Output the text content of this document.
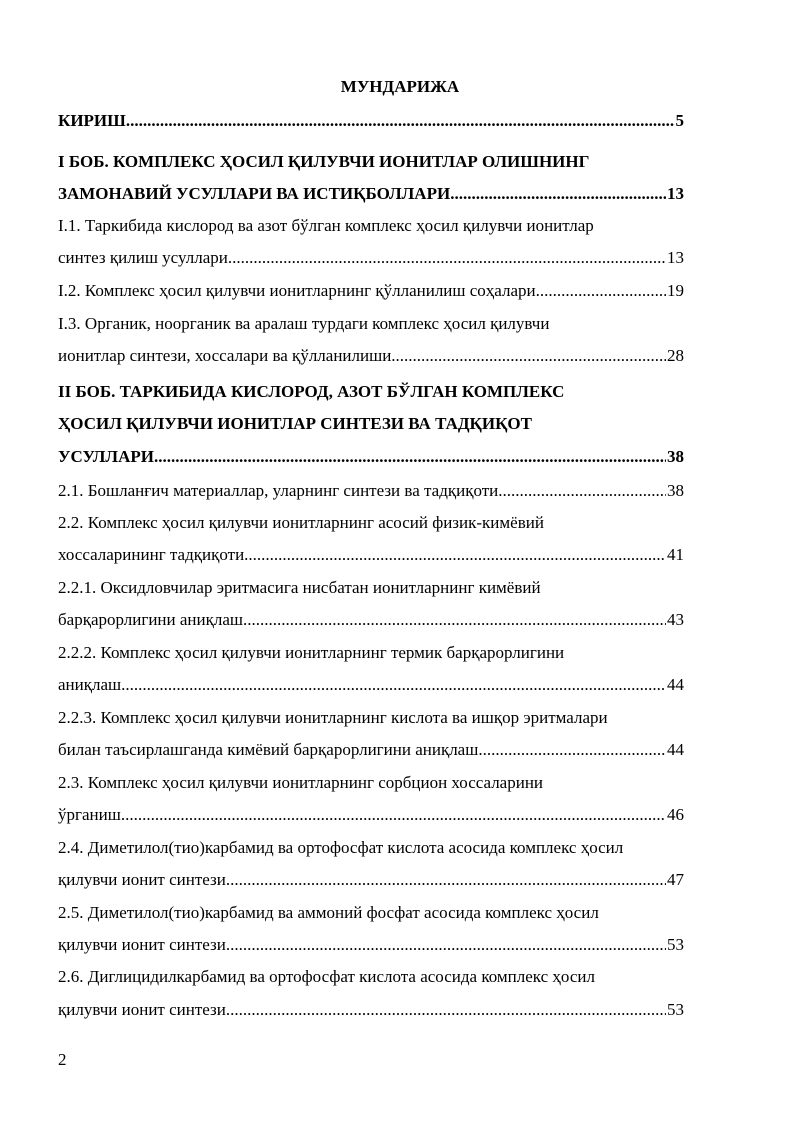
МУНДАРИЖА
КИРИШ .....	5
I БОБ. КОМПЛЕКС ҲОСИЛ ҚИЛУВЧИ ИОНИТЛАР ОЛИШНИНГ
ЗАМОНАВИЙ УСУЛЛАРИ ВА ИСТИҚБОЛЛАРИ .....	13
I.1. Таркибида кислород ва азот бўлган комплекс ҳосил қилувчи ионитлар
синтез қилиш усуллари .....	13
I.2. Комплекс ҳосил қилувчи ионитларнинг қўлланилиш соҳалари .....	19
I.3. Органик, ноорганик ва аралаш турдаги комплекс ҳосил қилувчи
ионитлар синтези, хоссалари ва қўлланилиши .....	28
II БОБ. ТАРКИБИДА КИСЛОРОД, АЗОТ БЎЛГАН КОМПЛЕКС
ҲОСИЛ ҚИЛУВЧИ ИОНИТЛАР СИНТЕЗИ ВА ТАДҚИҚОТ
УСУЛЛАРИ .....	38
2.1. Бошланғич материаллар, уларнинг синтези ва тадқиқоти .....	38
2.2. Комплекс ҳосил қилувчи ионитларнинг асосий физик-кимёвий
хоссаларининг тадқиқоти .....	41
2.2.1. Оксидловчилар эритмасига нисбатан ионитларнинг кимёвий
барқарорлигини аниқлаш .....	43
2.2.2. Комплекс ҳосил қилувчи ионитларнинг термик барқарорлигини
аниқлаш .....	44
2.2.3. Комплекс ҳосил қилувчи ионитларнинг кислота ва ишқор эритмалари
билан таъсирлашганда кимёвий барқарорлигини аниқлаш .....	44
2.3. Комплекс ҳосил қилувчи ионитларнинг сорбцион хоссаларини
ўрганиш .....	46
2.4. Диметилол(тио)карбамид ва ортофосфат кислота асосида комплекс ҳосил
қилувчи ионит синтези .....	47
2.5. Диметилол(тио)карбамид ва аммоний фосфат асосида комплекс ҳосил
қилувчи ионит синтези .....	53
2.6. Диглицидилкарбамид ва ортофосфат кислота асосида комплекс ҳосил
қилувчи ионит синтези .....	53
2
